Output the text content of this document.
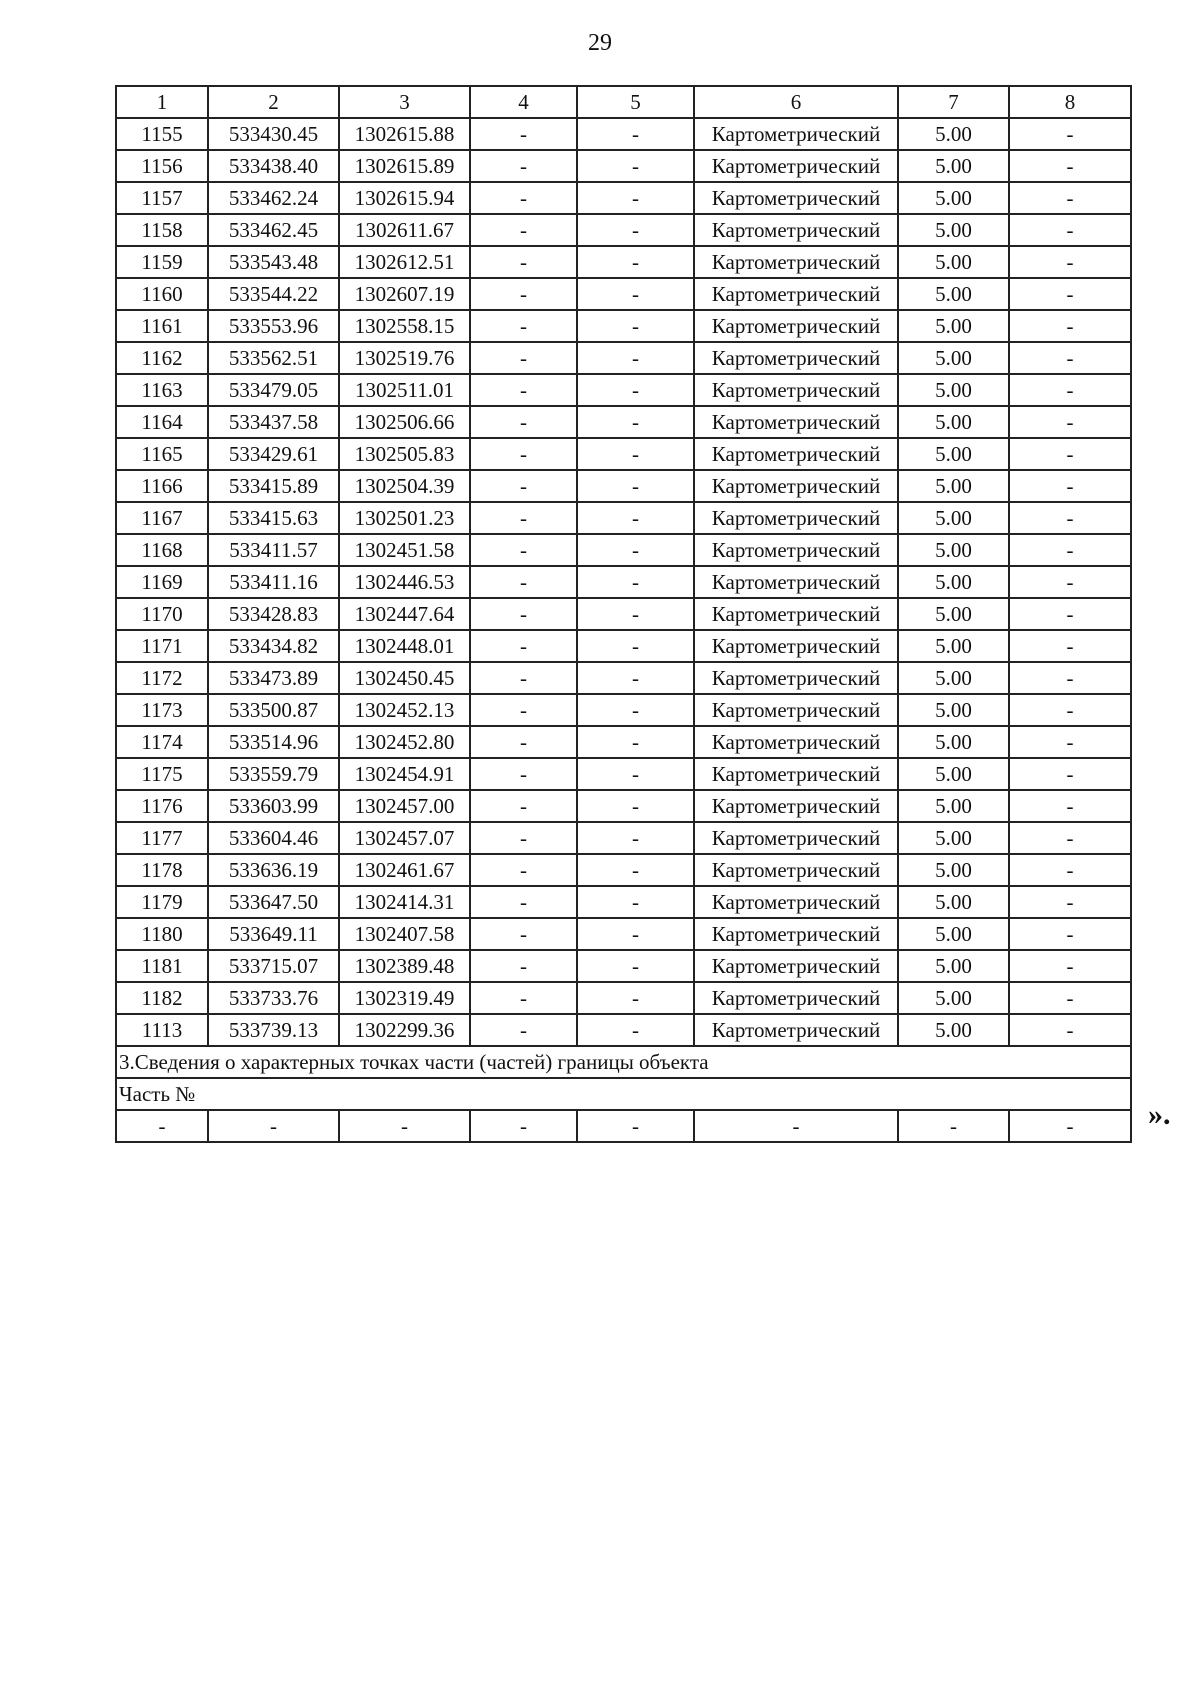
29
1	2	3	4	5	6	7	8
1155	533430.45	1302615.88	-	-	Картометрический	5.00	-
1156	533438.40	1302615.89	-	-	Картометрический	5.00	-
1157	533462.24	1302615.94	-	-	Картометрический	5.00	-
1158	533462.45	1302611.67	-	-	Картометрический	5.00	-
1159	533543.48	1302612.51	-	-	Картометрический	5.00	-
1160	533544.22	1302607.19	-	-	Картометрический	5.00	-
1161	533553.96	1302558.15	-	-	Картометрический	5.00	-
1162	533562.51	1302519.76	-	-	Картометрический	5.00	-
1163	533479.05	1302511.01	-	-	Картометрический	5.00	-
1164	533437.58	1302506.66	-	-	Картометрический	5.00	-
1165	533429.61	1302505.83	-	-	Картометрический	5.00	-
1166	533415.89	1302504.39	-	-	Картометрический	5.00	-
1167	533415.63	1302501.23	-	-	Картометрический	5.00	-
1168	533411.57	1302451.58	-	-	Картометрический	5.00	-
1169	533411.16	1302446.53	-	-	Картометрический	5.00	-
1170	533428.83	1302447.64	-	-	Картометрический	5.00	-
1171	533434.82	1302448.01	-	-	Картометрический	5.00	-
1172	533473.89	1302450.45	-	-	Картометрический	5.00	-
1173	533500.87	1302452.13	-	-	Картометрический	5.00	-
1174	533514.96	1302452.80	-	-	Картометрический	5.00	-
1175	533559.79	1302454.91	-	-	Картометрический	5.00	-
1176	533603.99	1302457.00	-	-	Картометрический	5.00	-
1177	533604.46	1302457.07	-	-	Картометрический	5.00	-
1178	533636.19	1302461.67	-	-	Картометрический	5.00	-
1179	533647.50	1302414.31	-	-	Картометрический	5.00	-
1180	533649.11	1302407.58	-	-	Картометрический	5.00	-
1181	533715.07	1302389.48	-	-	Картометрический	5.00	-
1182	533733.76	1302319.49	-	-	Картометрический	5.00	-
1113	533739.13	1302299.36	-	-	Картометрический	5.00	-
3.Сведения о характерных точках части (частей) границы объекта							
Часть №							
-	-	-	-	-	-	-	- ».
